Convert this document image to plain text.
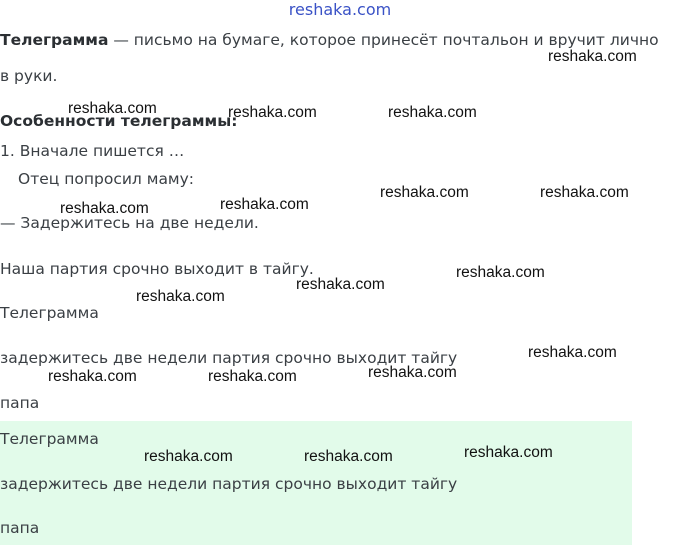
reshaka.com
Телеграмма — письмо на бумаге, которое принесёт почтальон и вручит лично
в руки.
Особенности телеграммы:
1. Вначале пишется …
Отец попросил маму:
— Задержитесь на две недели.
Наша партия срочно выходит в тайгу.
Телеграмма
задержитесь две недели партия срочно выходит тайгу
папа
Телеграмма
задержитесь две недели партия срочно выходит тайгу
папа
reshaka.com
reshaka.com	reshaka.com	reshaka.com
reshaka.com	reshaka.com
reshaka.com	reshaka.com
reshaka.com
reshaka.com
reshaka.com
reshaka.com
reshaka.com	reshaka.com	reshaka.com
reshaka.com
reshaka.com	reshaka.com
